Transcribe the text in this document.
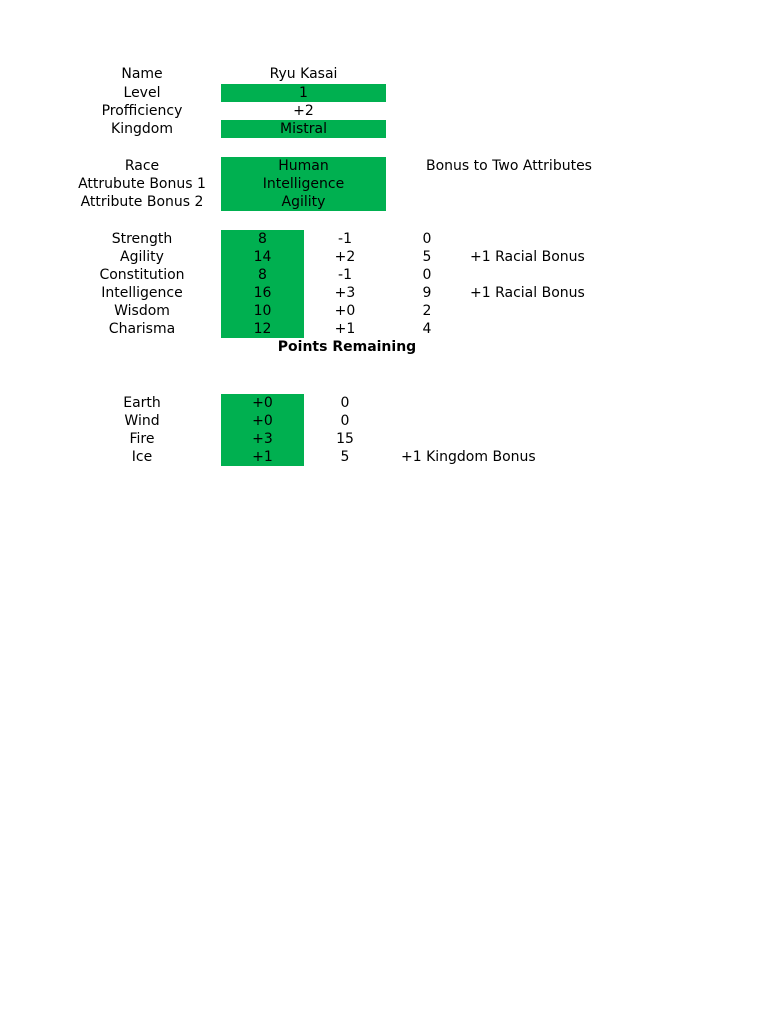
Name	Ryu Kasai
Level	1
Profficiency	+2
Kingdom	Mistral
Race	Human	Bonus to Two Attributes
Attrubute Bonus 1	Intelligence
Attribute Bonus 2	Agility
Strength	8	-1	0
Agility	14	+2	5	+1 Racial Bonus
Constitution	8	-1	0
Intelligence	16	+3	9	+1 Racial Bonus
Wisdom	10	+0	2
Charisma	12	+1	4
Points Remaining
Earth	+0	0
Wind	+0	0
Fire	+3	15
Ice	+1	5	+1 Kingdom Bonus
